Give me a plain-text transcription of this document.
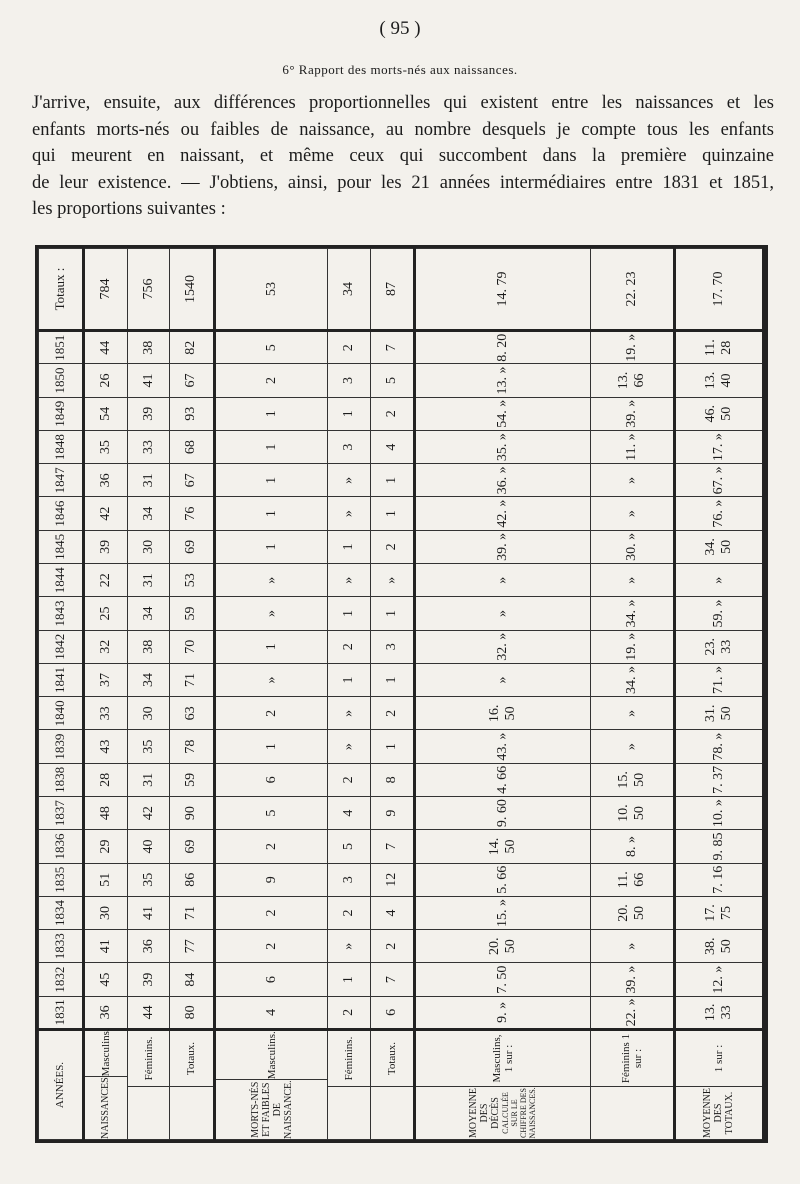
( 95 )
6° Rapport des morts-nés aux naissances.

J'arrive, ensuite, aux différences proportionnelles qui existent entre les naissances et les
enfants morts-nés ou faibles de naissance, au nombre desquels je compte tous les enfants
qui meurent en naissant, et même ceux qui succombent dans la première quinzaine
de leur existence. — J'obtiens, ainsi, pour les 21 années intermédiaires entre 1831 et 1851,
les proportions suivantes :

ANNÉES.	1831	1832	1833	1834	1835	1836	1837	1838	1839	1840	1841	1842	1843	1844	1845	1846	1847	1848	1849	1850	1851	Totaux :

NAISSANCES
Masculins.	36	45	41	30	51	29	48	28	43	33	37	32	25	22	39	42	36	35	54	26	44	784

Féminins.	44	39	36	41	35	40	42	31	35	30	34	38	34	31	30	34	31	33	39	41	38	756

Totaux.	80	84	77	71	86	69	90	59	78	63	71	70	59	53	69	76	67	68	93	67	82	1540

MORTS-NÉS ET FAIBLES DE NAISSANCE.
Masculins.	4	6	2	2	9	2	5	6	1	2	»	1	»	»	1	1	1	1	1	2	5	53

Féminins.	2	1	»	2	3	5	4	2	»	»	1	2	1	»	1	»	»	3	1	3	2	34

Totaux.	6	7	2	4	12	7	9	8	1	2	1	3	1	»	2	1	1	4	2	5	7	87

MOYENNE DES DÉCÈS CALCULÉE SUR LE CHIFFRE DES NAISSANCES.
Masculins, 1 sur :	9. »	7. 50	20. 50	15. »	5. 66	14. 50	9. 60	4. 66	43. »	16. 50	»	32. »	»	»	39. »	42. »	36. »	35. »	54. »	13. »	8. 20	14. 79

Féminins 1 sur :	22. »	39. »	»	20. 50	11. 66	8. »	10. 50	15. 50	»	»	34. »	19. »	34. »	»	30. »	»	»	11. »	39. »	13. 66	19. »	22. 23

MOYENNE DES TOTAUX.
1 sur :	13. 33	12. »	38. 50	17. 75	7. 16	9. 85	10. »	7. 37	78. »	31. 50	71. »	23. 33	59. »	»	34. 50	76. »	67. »	17. »	46. 50	13. 40	11. 28	17. 70
